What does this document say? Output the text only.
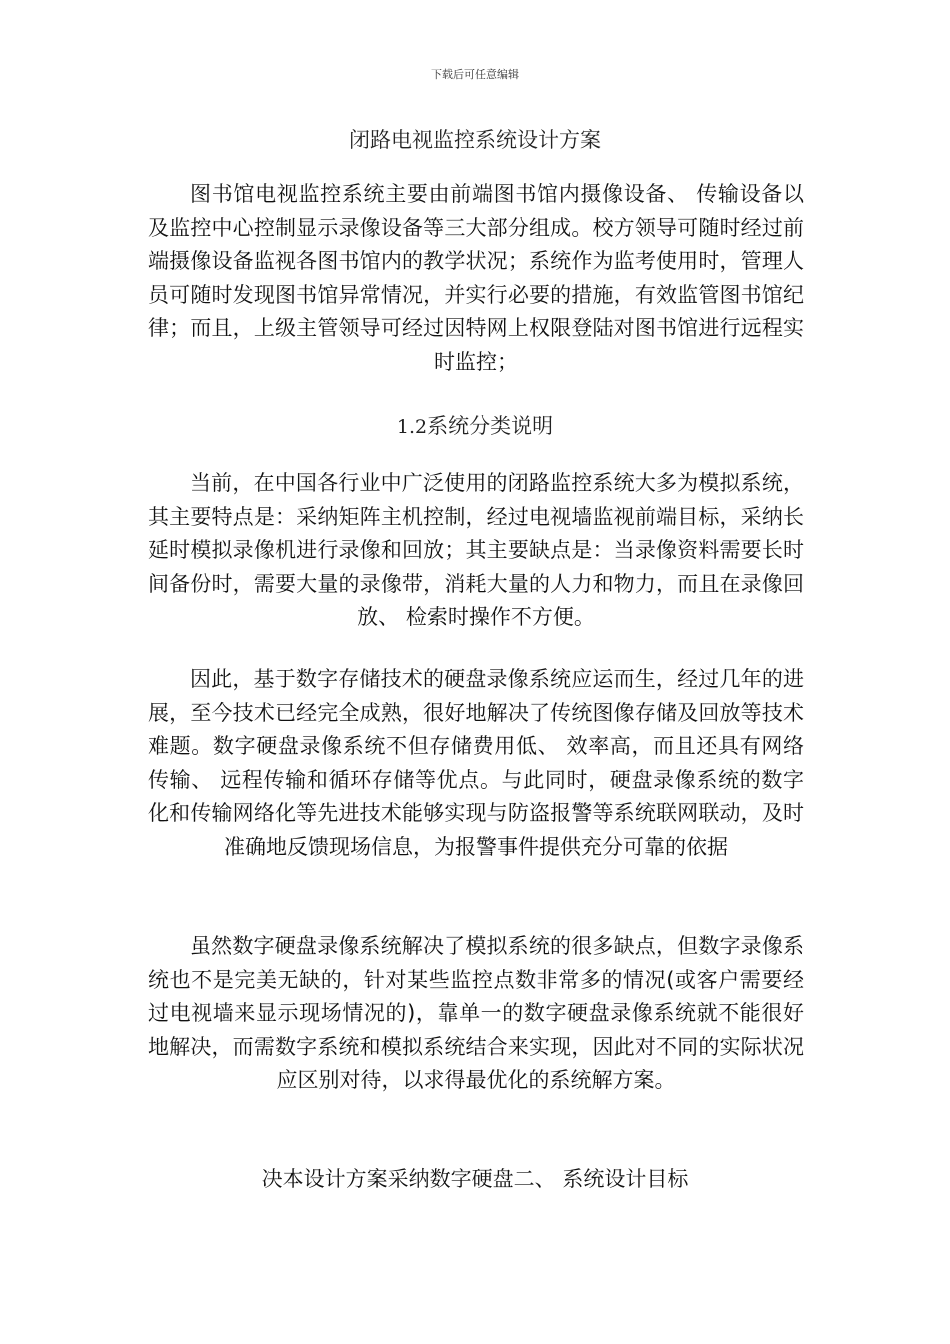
下载后可任意编辑
闭路电视监控系统设计方案
图书馆电视监控系统主要由前端图书馆内摄像设备、 传输设备以及监控中心控制显示录像设备等三大部分组成。校方领导可随时经过前端摄像设备监视各图书馆内的教学状况；系统作为监考使用时，管理人员可随时发现图书馆异常情况，并实行必要的措施，有效监管图书馆纪律；而且，上级主管领导可经过因特网上权限登陆对图书馆进行远程实时监控；
1.2系统分类说明
当前，在中国各行业中广泛使用的闭路监控系统大多为模拟系统，其主要特点是：采纳矩阵主机控制，经过电视墙监视前端目标，采纳长延时模拟录像机进行录像和回放；其主要缺点是：当录像资料需要长时间备份时，需要大量的录像带，消耗大量的人力和物力，而且在录像回放、 检索时操作不方便。
因此，基于数字存储技术的硬盘录像系统应运而生，经过几年的进展，至今技术已经完全成熟，很好地解决了传统图像存储及回放等技术难题。数字硬盘录像系统不但存储费用低、 效率高，而且还具有网络传输、 远程传输和循环存储等优点。与此同时，硬盘录像系统的数字化和传输网络化等先进技术能够实现与防盗报警等系统联网联动，及时准确地反馈现场信息，为报警事件提供充分可靠的依据
虽然数字硬盘录像系统解决了模拟系统的很多缺点，但数字录像系统也不是完美无缺的，针对某些监控点数非常多的情况(或客户需要经过电视墙来显示现场情况的)，靠单一的数字硬盘录像系统就不能很好地解决，而需数字系统和模拟系统结合来实现，因此对不同的实际状况应区别对待，以求得最优化的系统解方案。
决本设计方案采纳数字硬盘二、 系统设计目标
